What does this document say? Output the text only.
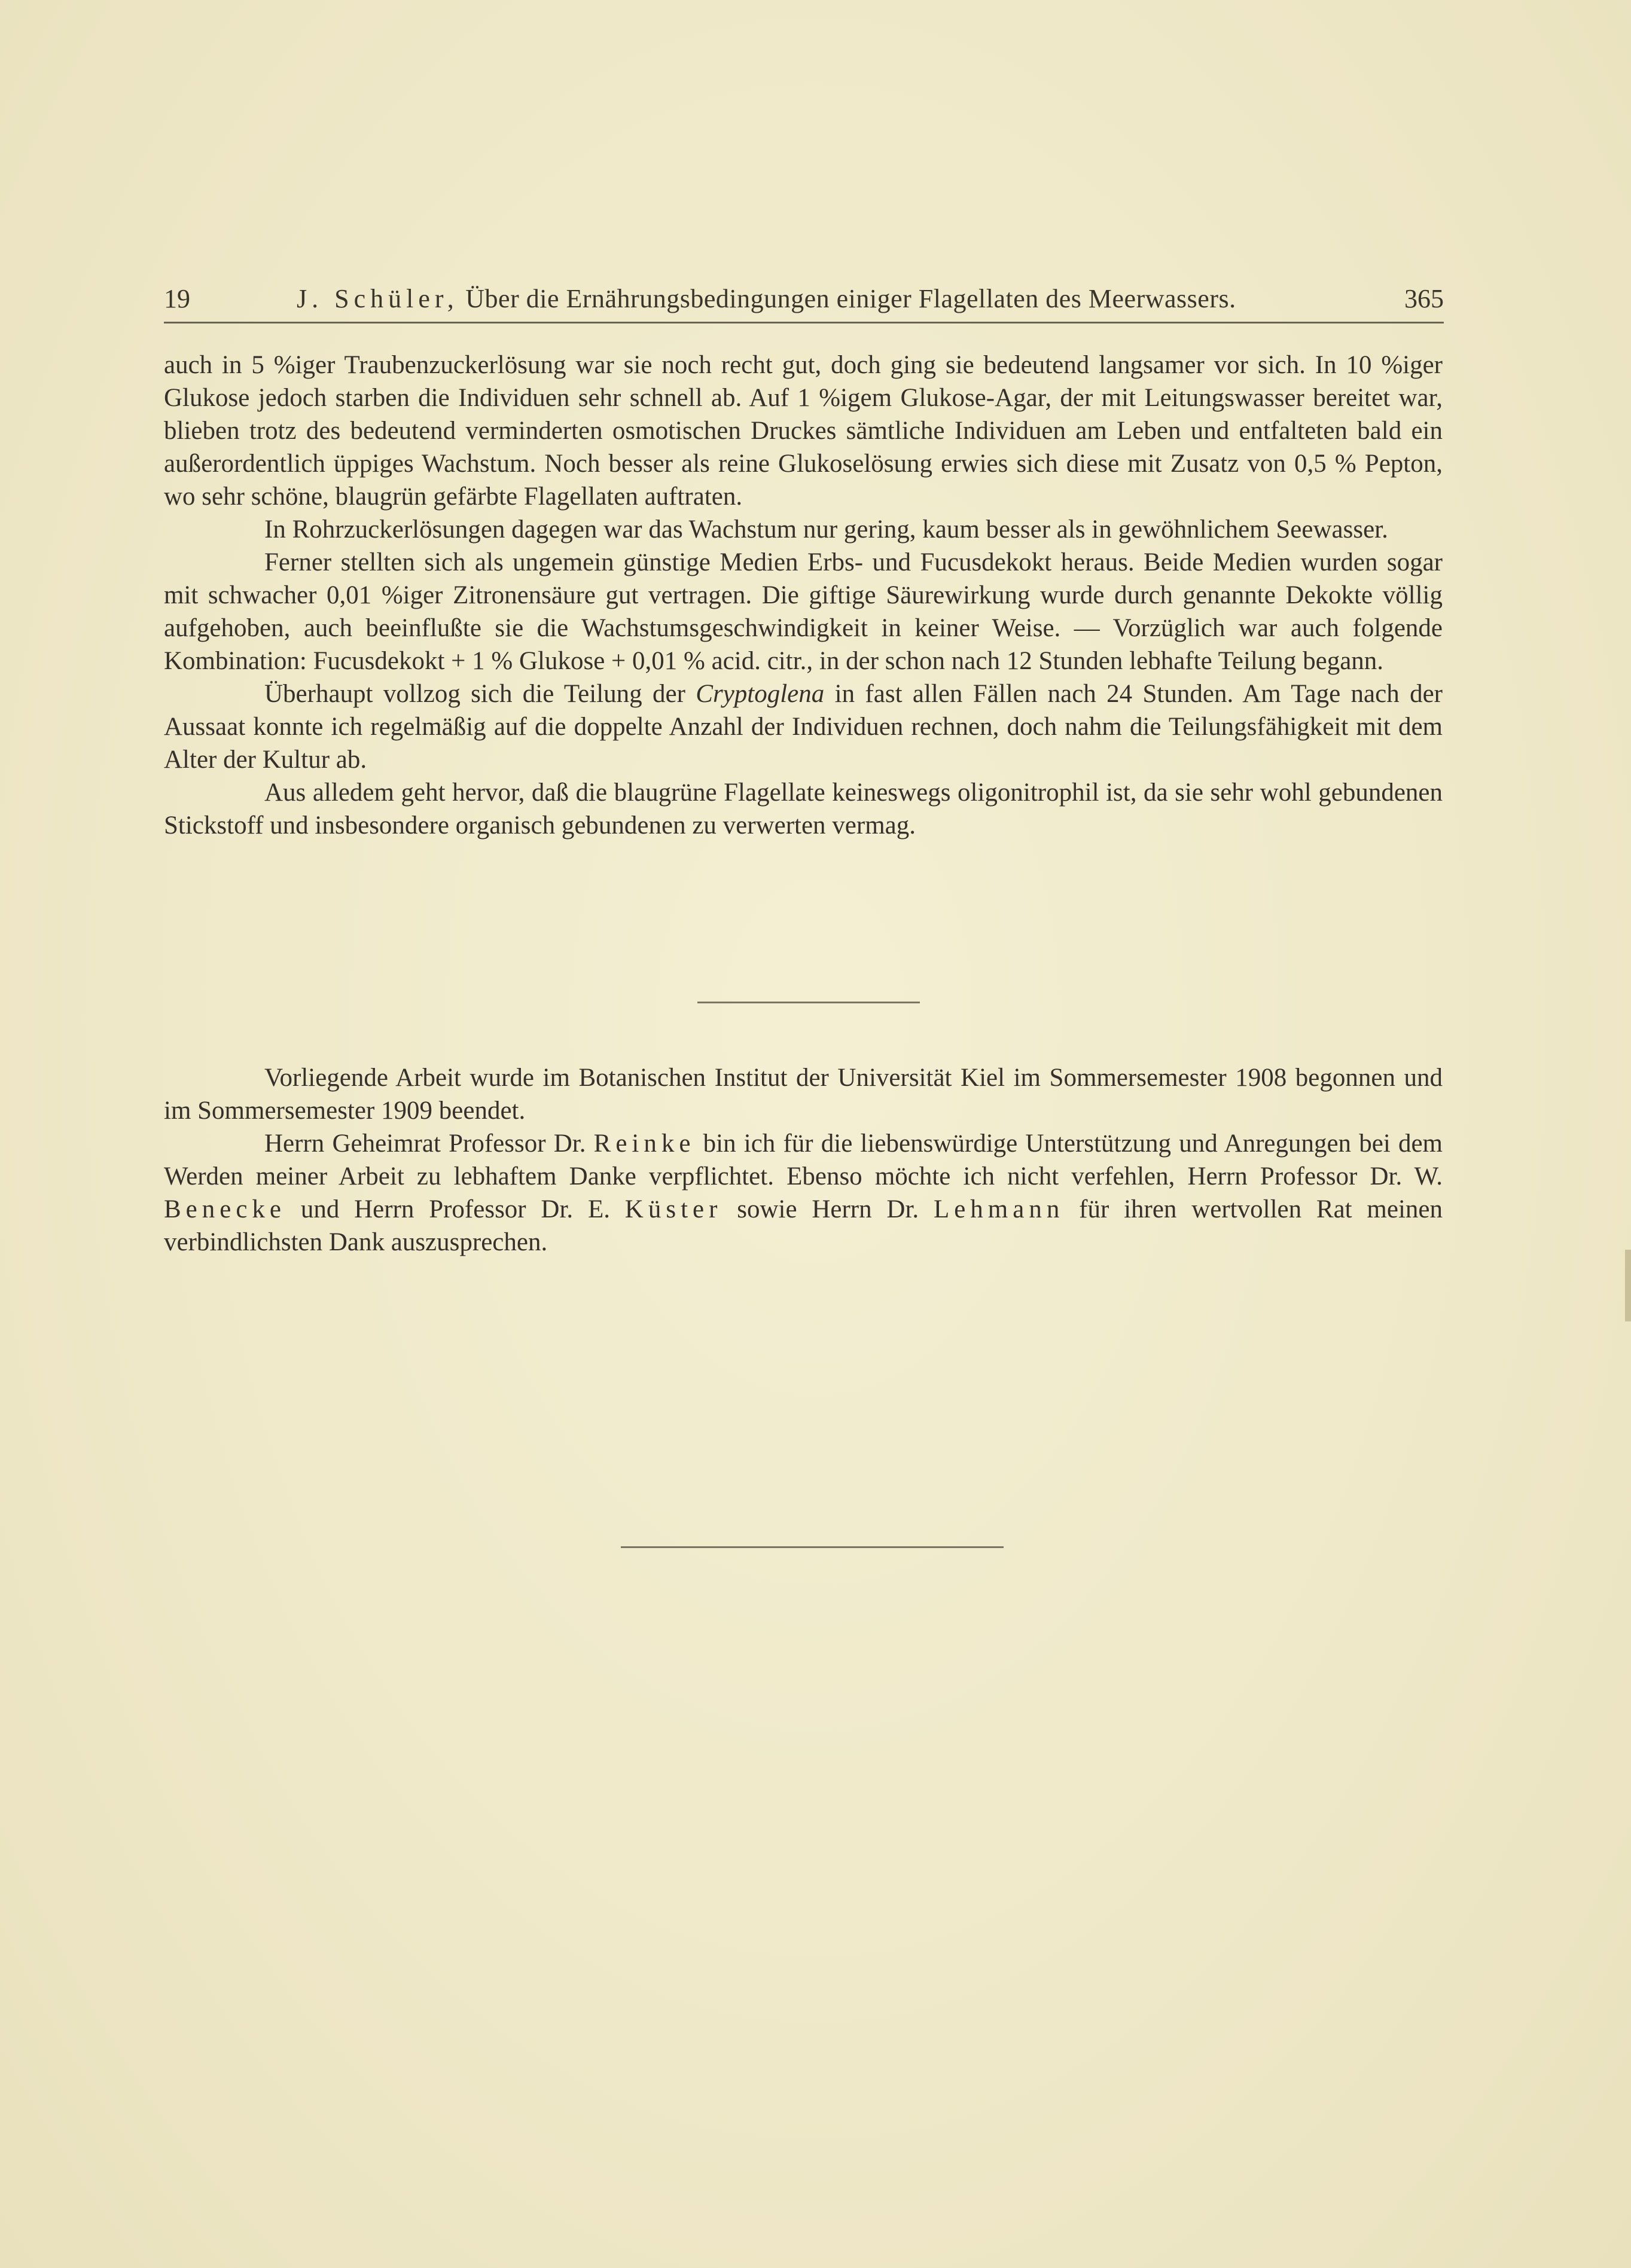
19	J. Schüler, Über die Ernährungsbedingungen einiger Flagellaten des Meerwassers.	365

auch in 5 %iger Traubenzuckerlösung war sie noch recht gut, doch ging sie bedeutend langsamer vor sich. In 10 %iger Glukose jedoch starben die Individuen sehr schnell ab. Auf 1 %igem Glukose-Agar, der mit Leitungswasser bereitet war, blieben trotz des bedeutend verminderten osmotischen Druckes sämtliche Individuen am Leben und entfalteten bald ein außerordentlich üppiges Wachstum. Noch besser als reine Glukoselösung erwies sich diese mit Zusatz von 0,5 % Pepton, wo sehr schöne, blaugrün gefärbte Flagellaten auftraten.

In Rohrzuckerlösungen dagegen war das Wachstum nur gering, kaum besser als in gewöhnlichem Seewasser.

Ferner stellten sich als ungemein günstige Medien Erbs- und Fucusdekokt heraus. Beide Medien wurden sogar mit schwacher 0,01 %iger Zitronensäure gut vertragen. Die giftige Säurewirkung wurde durch genannte Dekokte völlig aufgehoben, auch beeinflußte sie die Wachstumsgeschwindigkeit in keiner Weise. — Vorzüglich war auch folgende Kombination: Fucusdekokt + 1 % Glukose + 0,01 % acid. citr., in der schon nach 12 Stunden lebhafte Teilung begann.

Überhaupt vollzog sich die Teilung der Cryptoglena in fast allen Fällen nach 24 Stunden. Am Tage nach der Aussaat konnte ich regelmäßig auf die doppelte Anzahl der Individuen rechnen, doch nahm die Teilungsfähigkeit mit dem Alter der Kultur ab.

Aus alledem geht hervor, daß die blaugrüne Flagellate keineswegs oligonitrophil ist, da sie sehr wohl gebundenen Stickstoff und insbesondere organisch gebundenen zu verwerten vermag.

Vorliegende Arbeit wurde im Botanischen Institut der Universität Kiel im Sommersemester 1908 begonnen und im Sommersemester 1909 beendet.

Herrn Geheimrat Professor Dr. Reinke bin ich für die liebenswürdige Unterstützung und Anregungen bei dem Werden meiner Arbeit zu lebhaftem Danke verpflichtet. Ebenso möchte ich nicht verfehlen, Herrn Professor Dr. W. Benecke und Herrn Professor Dr. E. Küster sowie Herrn Dr. Lehmann für ihren wertvollen Rat meinen verbindlichsten Dank auszusprechen.
